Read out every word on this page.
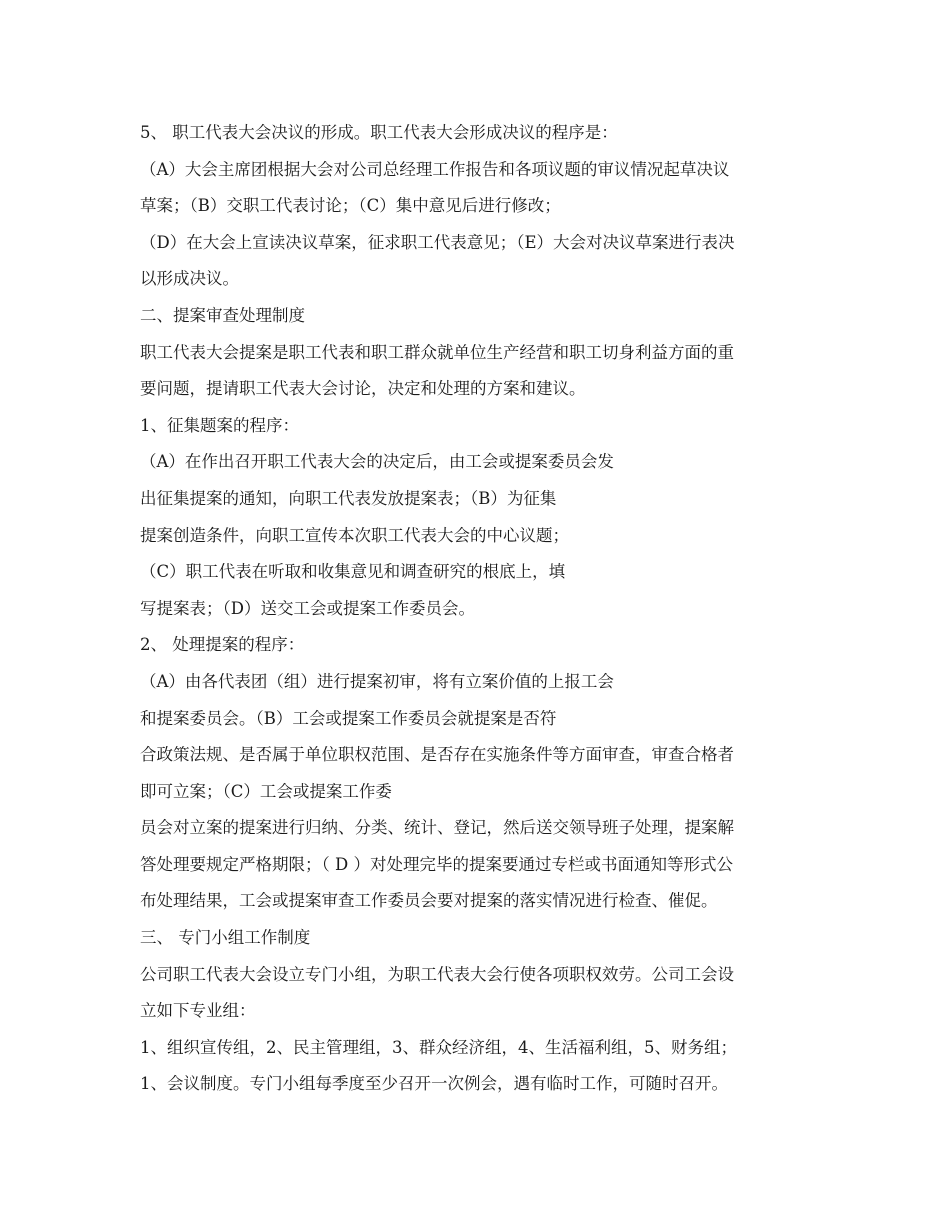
5、 职工代表大会决议的形成。职工代表大会形成决议的程序是：
（A）大会主席团根据大会对公司总经理工作报告和各项议题的审议情况起草决议
草案；（B）交职工代表讨论；（C）集中意见后进行修改；
（D）在大会上宣读决议草案，征求职工代表意见；（E）大会对决议草案进行表决
以形成决议。
二、提案审查处理制度
职工代表大会提案是职工代表和职工群众就单位生产经营和职工切身利益方面的重
要问题，提请职工代表大会讨论，决定和处理的方案和建议。
1、征集题案的程序：
（A）在作出召开职工代表大会的决定后，由工会或提案委员会发
出征集提案的通知，向职工代表发放提案表；（B）为征集
提案创造条件，向职工宣传本次职工代表大会的中心议题；
（C）职工代表在听取和收集意见和调查研究的根底上，填
写提案表；（D）送交工会或提案工作委员会。
2、 处理提案的程序：
（A）由各代表团（组）进行提案初审，将有立案价值的上报工会
和提案委员会。（B）工会或提案工作委员会就提案是否符
合政策法规、是否属于单位职权范围、是否存在实施条件等方面审查，审查合格者
即可立案；（C）工会或提案工作委
员会对立案的提案进行归纳、分类、统计、登记，然后送交领导班子处理，提案解
答处理要规定严格期限；（ D ）对处理完毕的提案要通过专栏或书面通知等形式公
布处理结果，工会或提案审查工作委员会要对提案的落实情况进行检查、催促。
三、 专门小组工作制度
公司职工代表大会设立专门小组，为职工代表大会行使各项职权效劳。公司工会设
立如下专业组：
1、组织宣传组，2、民主管理组，3、群众经济组，4、生活福利组，5、财务组；
1、会议制度。专门小组每季度至少召开一次例会，遇有临时工作，可随时召开。
